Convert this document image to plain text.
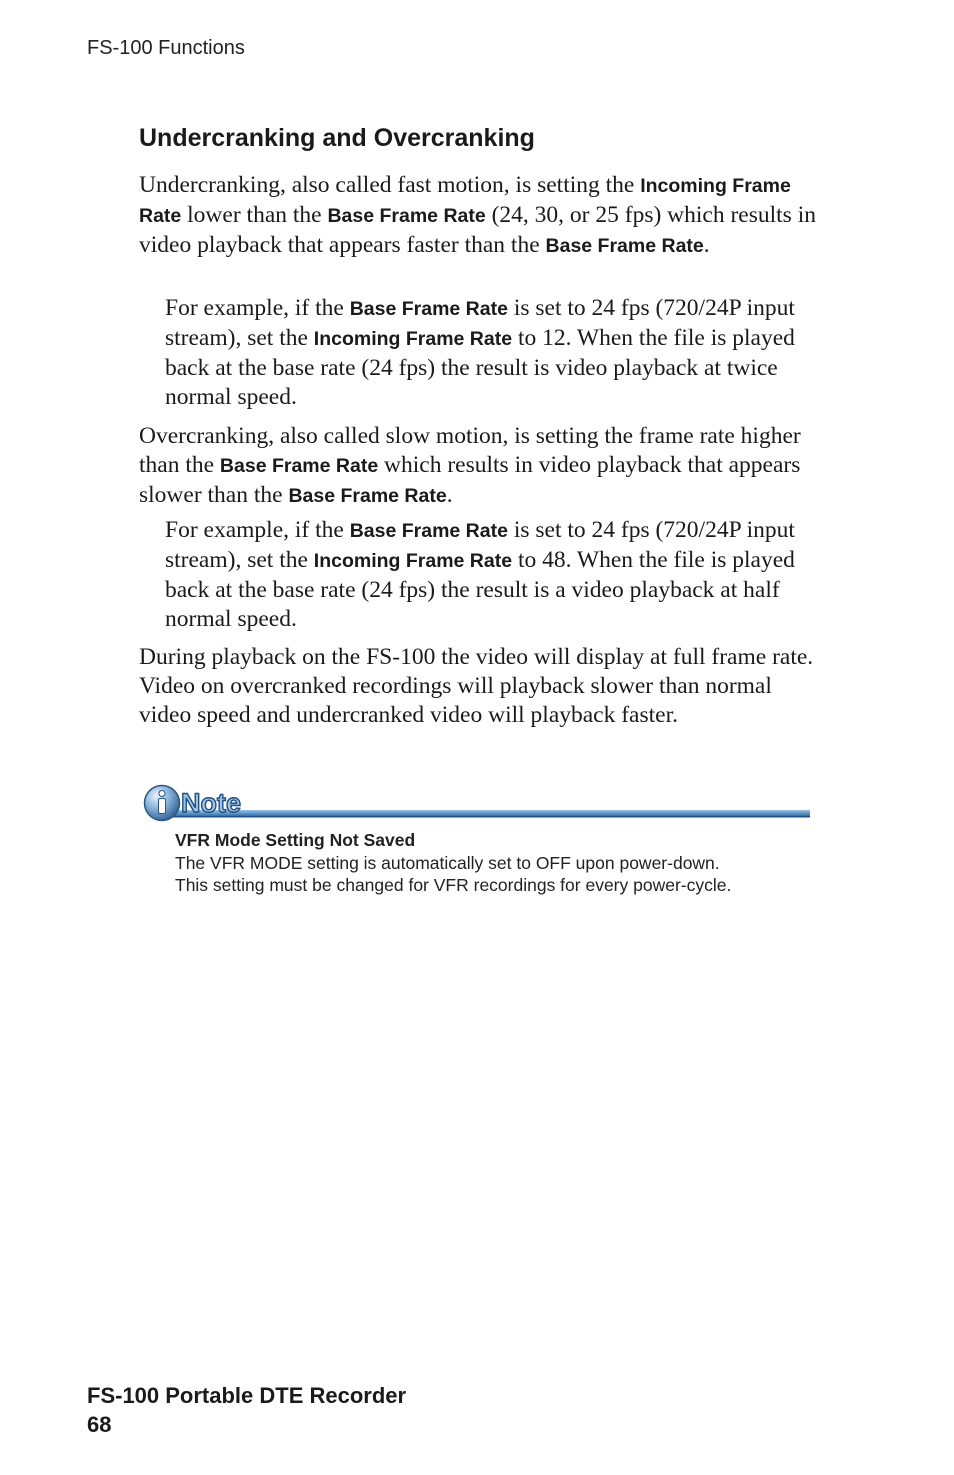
FS-100 Functions
Undercranking and Overcranking

Undercranking, also called fast motion, is setting the Incoming Frame Rate lower than the Base Frame Rate (24, 30, or 25 fps) which results in video playback that appears faster than the Base Frame Rate.

For example, if the Base Frame Rate is set to 24 fps (720/24P input stream), set the Incoming Frame Rate to 12. When the file is played back at the base rate (24 fps) the result is video playback at twice normal speed.

Overcranking, also called slow motion, is setting the frame rate higher than the Base Frame Rate which results in video playback that appears slower than the Base Frame Rate.

For example, if the Base Frame Rate is set to 24 fps (720/24P input stream), set the Incoming Frame Rate to 48. When the file is played back at the base rate (24 fps) the result is a video playback at half normal speed.

During playback on the FS-100 the video will display at full frame rate. Video on overcranked recordings will playback slower than normal video speed and undercranked video will playback faster.

Note
VFR Mode Setting Not Saved
The VFR MODE setting is automatically set to OFF upon power-down.
This setting must be changed for VFR recordings for every power-cycle.
FS-100 Portable DTE Recorder
68
